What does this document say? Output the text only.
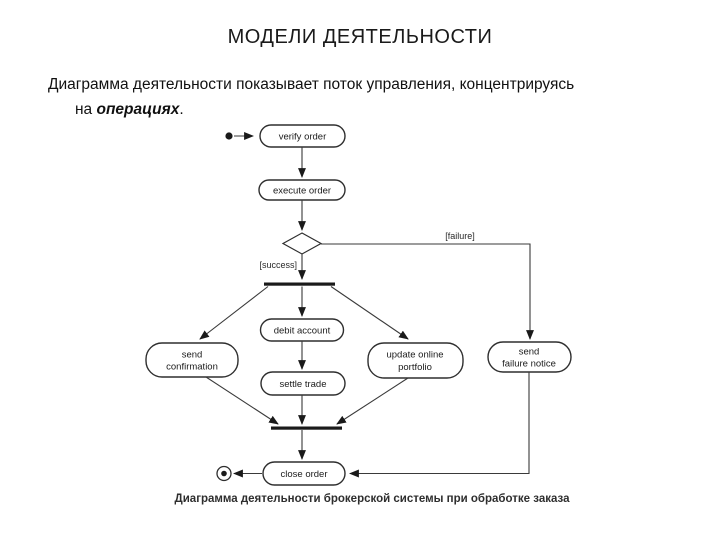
МОДЕЛИ ДЕЯТЕЛЬНОСТИ

Диаграмма деятельности показывает поток управления, концентрируясь
на операциях.

verify order
execute order
[success]
[failure]
debit account
send
confirmation
update online
portfolio
send
failure notice
settle trade
close order
Диаграмма деятельности брокерской системы при обработке заказа
